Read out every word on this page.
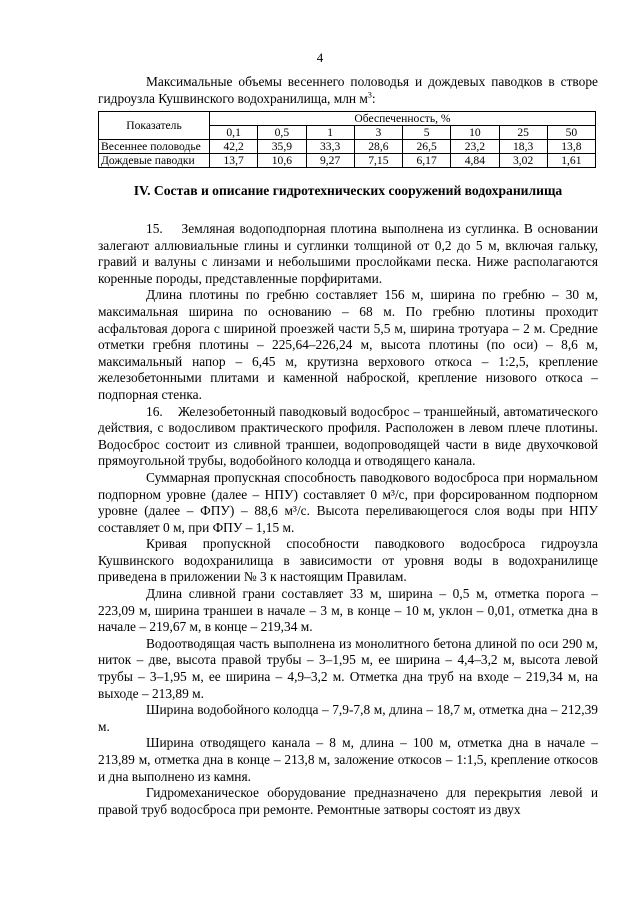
4

Максимальные объемы весеннего половодья и дождевых паводков в створе гидроузла Кушвинского водохранилища, млн $м^3$:

Показатель	Обеспеченность, %							
	0,1	0,5	1	3	5	10	25	50
Весеннее половодье	42,2	35,9	33,3	28,6	26,5	23,2	18,3	13,8
Дождевые паводки	13,7	10,6	9,27	7,15	6,17	4,84	3,02	1,61
IV. Состав и описание гидротехнических сооружений водохранилища

15.    Земляная водоподпорная плотина выполнена из суглинка. В основании залегают аллювиальные глины и суглинки толщиной от 0,2 до 5 м, включая гальку, гравий и валуны с линзами и небольшими прослойками песка. Ниже располагаются коренные породы, представленные порфиритами.

Длина плотины по гребню составляет 156 м, ширина по гребню – 30 м, максимальная ширина по основанию – 68 м. По гребню плотины проходит асфальтовая дорога с шириной проезжей части 5,5 м, ширина тротуара – 2 м. Средние отметки гребня плотины – 225,64–226,24 м, высота плотины (по оси) – 8,6 м, максимальный напор – 6,45 м, крутизна верхового откоса – 1:2,5, крепление железобетонными плитами и каменной наброской, крепление низового откоса – подпорная стенка.

16.    Железобетонный паводковый водосброс – траншейный, автоматического действия, с водосливом практического профиля. Расположен в левом плече плотины. Водосброс состоит из сливной траншеи, водопроводящей части в виде двухочковой прямоугольной трубы, водобойного колодца и отводящего канала.

Суммарная пропускная способность паводкового водосброса при нормальном подпорном уровне (далее – НПУ) составляет 0 м³/с, при форсированном подпорном уровне (далее – ФПУ) – 88,6 м³/с. Высота переливающегося слоя воды при НПУ составляет 0 м, при ФПУ – 1,15 м.

Кривая пропускной способности паводкового водосброса гидроузла Кушвинского водохранилища в зависимости от уровня воды в водохранилище приведена в приложении № 3 к настоящим Правилам.

Длина сливной грани составляет 33 м, ширина – 0,5 м, отметка порога – 223,09 м, ширина траншеи в начале – 3 м, в конце – 10 м, уклон – 0,01, отметка дна в начале – 219,67 м, в конце – 219,34 м.

Водоотводящая часть выполнена из монолитного бетона длиной по оси 290 м, ниток – две, высота правой трубы – 3–1,95 м, ее ширина – 4,4–3,2 м, высота левой трубы – 3–1,95 м, ее ширина – 4,9–3,2 м. Отметка дна труб на входе – 219,34 м, на выходе – 213,89 м.

Ширина водобойного колодца – 7,9-7,8 м, длина – 18,7 м, отметка дна – 212,39 м.

Ширина отводящего канала – 8 м, длина – 100 м, отметка дна в начале – 213,89 м, отметка дна в конце – 213,8 м, заложение откосов – 1:1,5, крепление откосов и дна выполнено из камня.

Гидромеханическое оборудование предназначено для перекрытия левой и правой труб водосброса при ремонте. Ремонтные затворы состоят из двух
